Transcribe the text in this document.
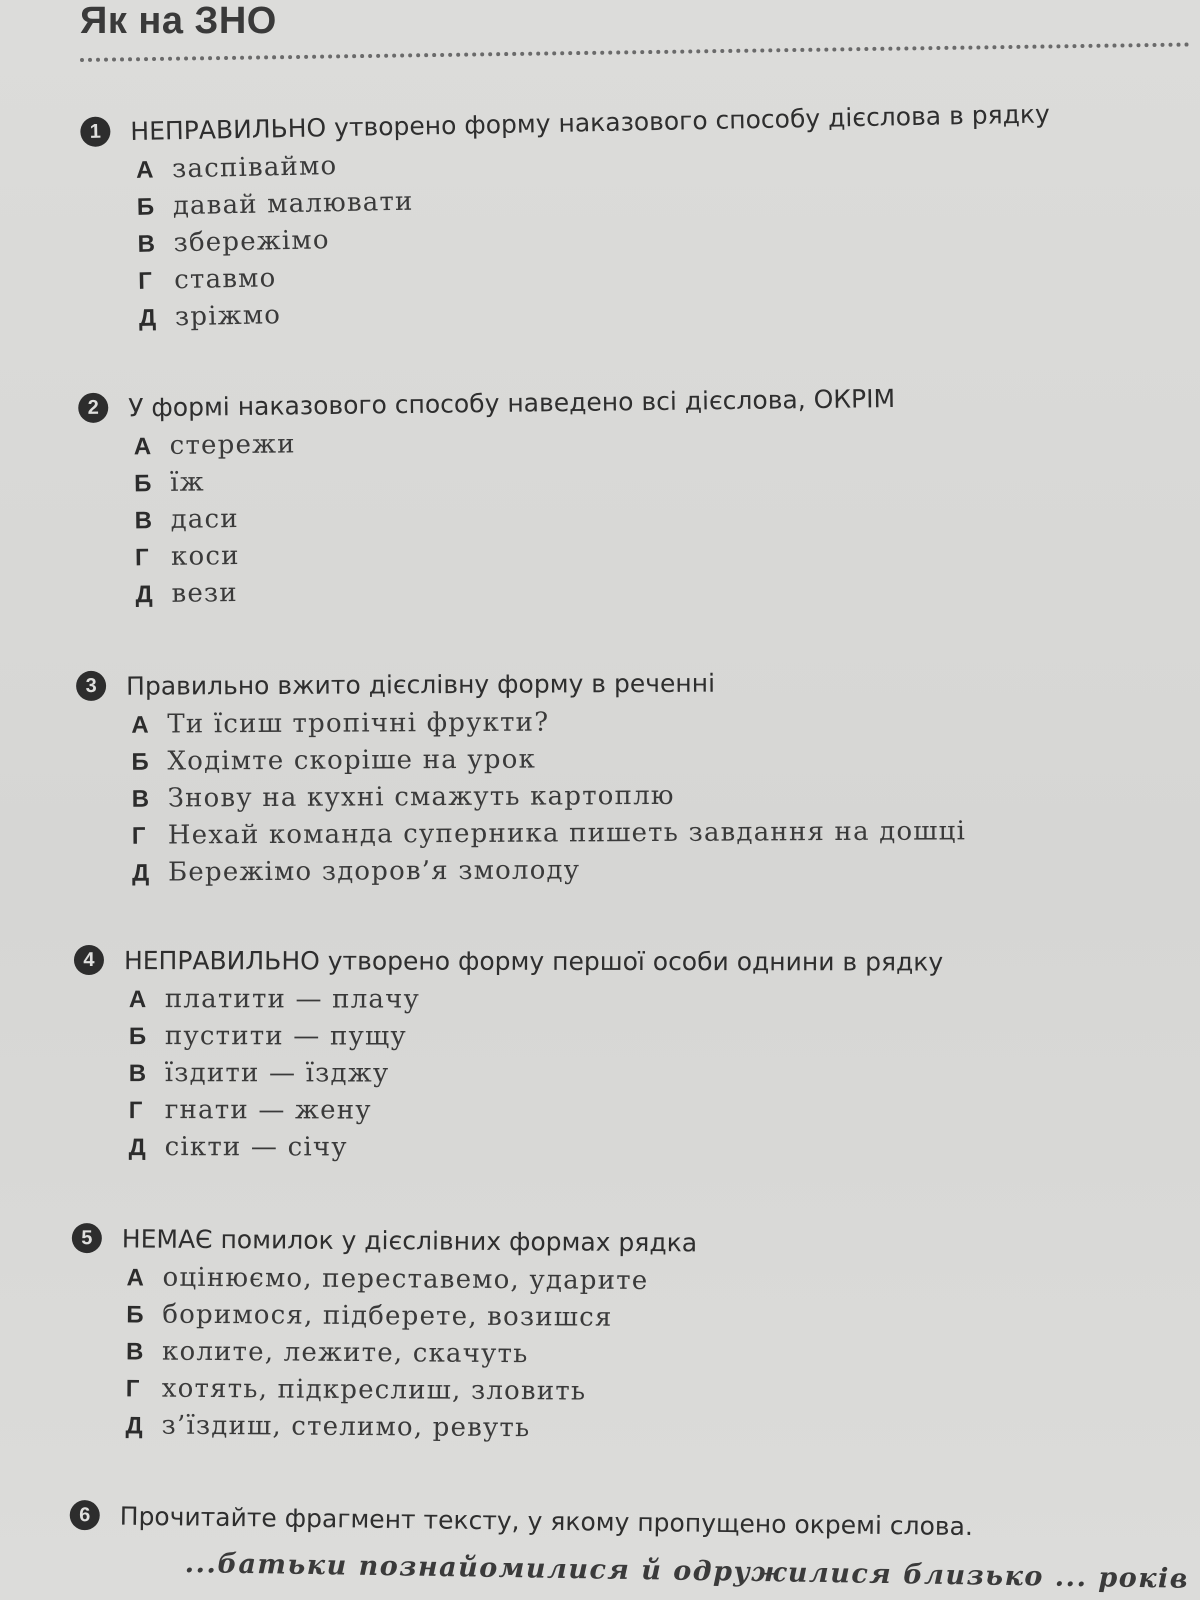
Як на ЗНО
1	НЕПРАВИЛЬНО утворено форму наказового способу дієслова в рядку
А заспіваймо
Б давай малювати
В збережімо
Г ставмо
Д зріжмо
2	У формі наказового способу наведено всі дієслова, ОКРІМ
А стережи
Б їж
В даси
Г коси
Д вези
3	Правильно вжито дієслівну форму в реченні
А Ти їсиш тропічні фрукти?
Б Ходімте скоріше на урок
В Знову на кухні смажуть картоплю
Г Нехай команда суперника пишеть завдання на дошці
Д Бережімо здоров’я змолоду
4	НЕПРАВИЛЬНО утворено форму першої особи однини в рядку
А платити — плачу
Б пустити — пущу
В їздити — їзджу
Г гнати — жену
Д сікти — січу
5	НЕМАЄ помилок у дієслівних формах рядка
А оцінюємо, переставемо, ударите
Б боримося, підберете, возишся
В колите, лежите, скачуть
Г хотять, підкреслиш, зловить
Д з’їздиш, стелимо, ревуть
6	Прочитайте фрагмент тексту, у якому пропущено окремі слова.
...батьки познайомилися й одружилися близько ... років
